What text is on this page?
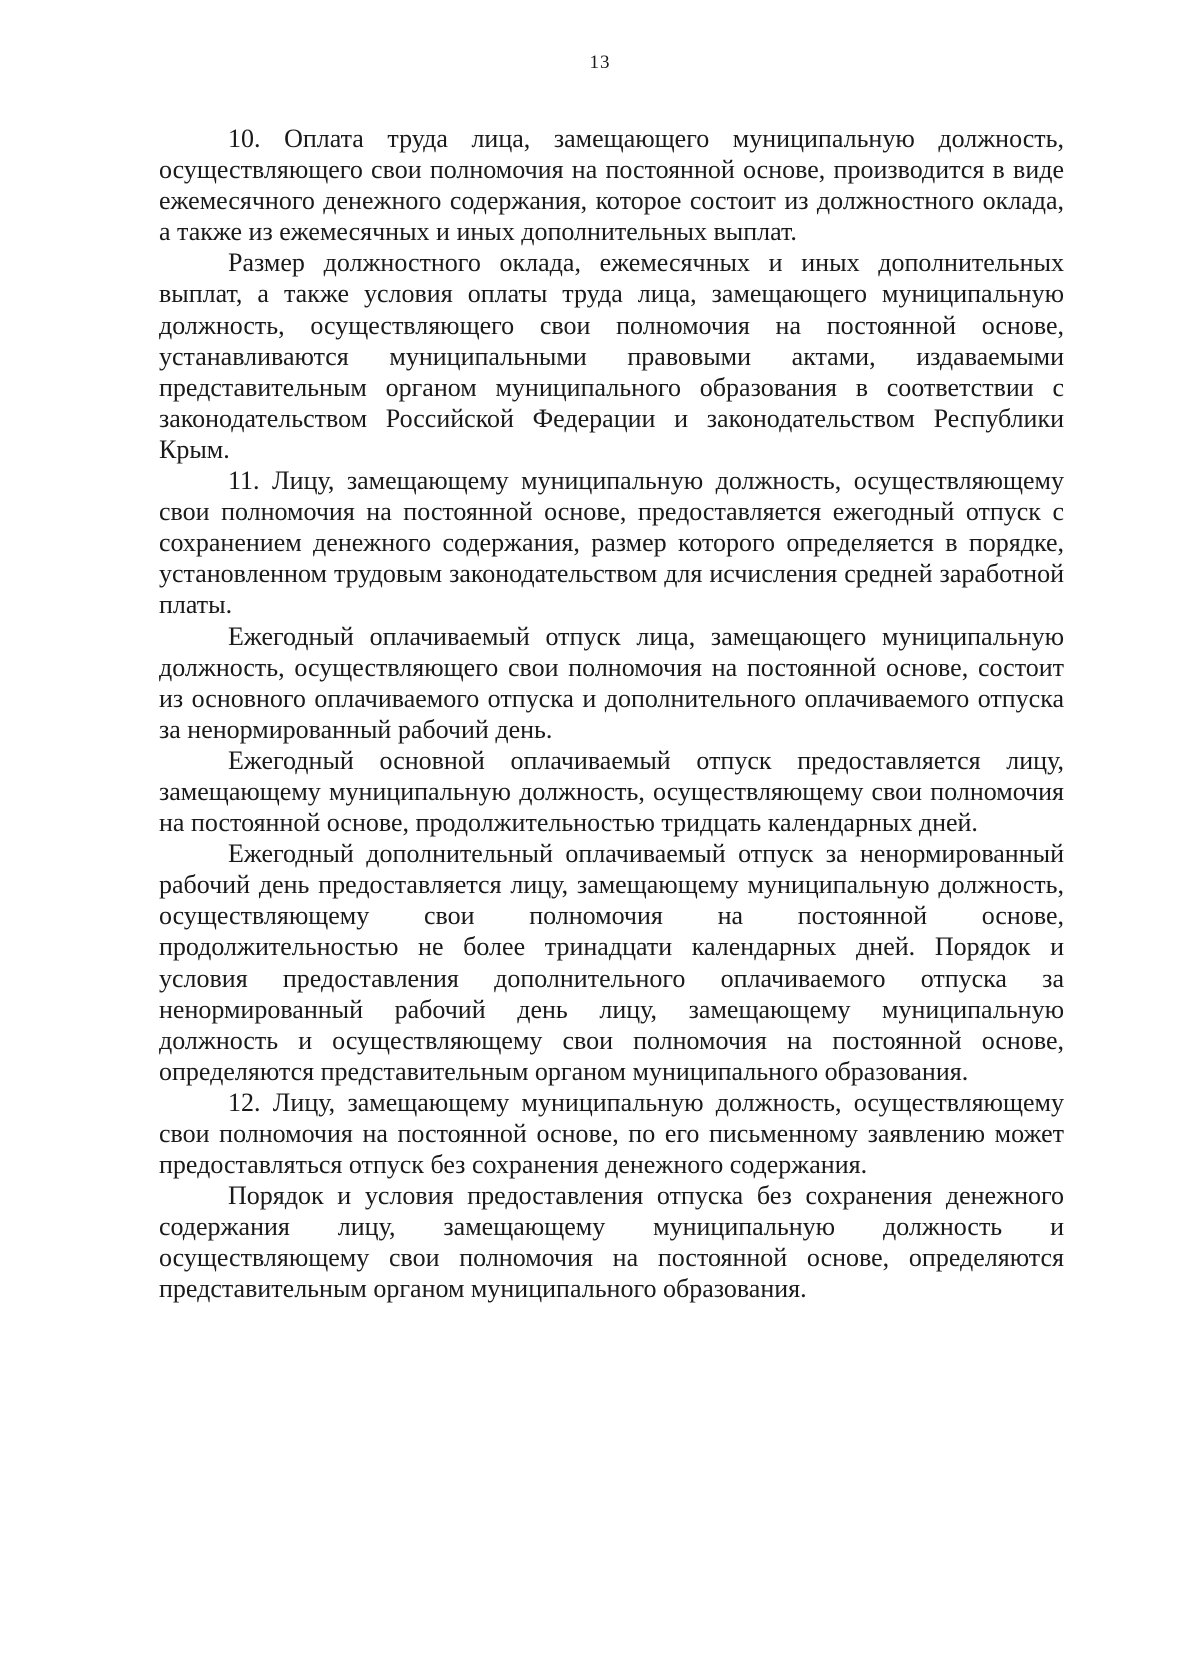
13

10. Оплата труда лица, замещающего муниципальную должность, осуществляющего свои полномочия на постоянной основе, производится в виде ежемесячного денежного содержания, которое состоит из должностного оклада, а также из ежемесячных и иных дополнительных выплат.

Размер должностного оклада, ежемесячных и иных дополнительных выплат, а также условия оплаты труда лица, замещающего муниципальную должность, осуществляющего свои полномочия на постоянной основе, устанавливаются муниципальными правовыми актами, издаваемыми представительным органом муниципального образования в соответствии с законодательством Российской Федерации и законодательством Республики Крым.

11. Лицу, замещающему муниципальную должность, осуществляющему свои полномочия на постоянной основе, предоставляется ежегодный отпуск с сохранением денежного содержания, размер которого определяется в порядке, установленном трудовым законодательством для исчисления средней заработной платы.

Ежегодный оплачиваемый отпуск лица, замещающего муниципальную должность, осуществляющего свои полномочия на постоянной основе, состоит из основного оплачиваемого отпуска и дополнительного оплачиваемого отпуска за ненормированный рабочий день.

Ежегодный основной оплачиваемый отпуск предоставляется лицу, замещающему муниципальную должность, осуществляющему свои полномочия на постоянной основе, продолжительностью тридцать календарных дней.

Ежегодный дополнительный оплачиваемый отпуск за ненормированный рабочий день предоставляется лицу, замещающему муниципальную должность, осуществляющему свои полномочия на постоянной основе, продолжительностью не более тринадцати календарных дней. Порядок и условия предоставления дополнительного оплачиваемого отпуска за ненормированный рабочий день лицу, замещающему муниципальную должность и осуществляющему свои полномочия на постоянной основе, определяются представительным органом муниципального образования.

12. Лицу, замещающему муниципальную должность, осуществляющему свои полномочия на постоянной основе, по его письменному заявлению может предоставляться отпуск без сохранения денежного содержания.

Порядок и условия предоставления отпуска без сохранения денежного содержания лицу, замещающему муниципальную должность и осуществляющему свои полномочия на постоянной основе, определяются представительным органом муниципального образования.
